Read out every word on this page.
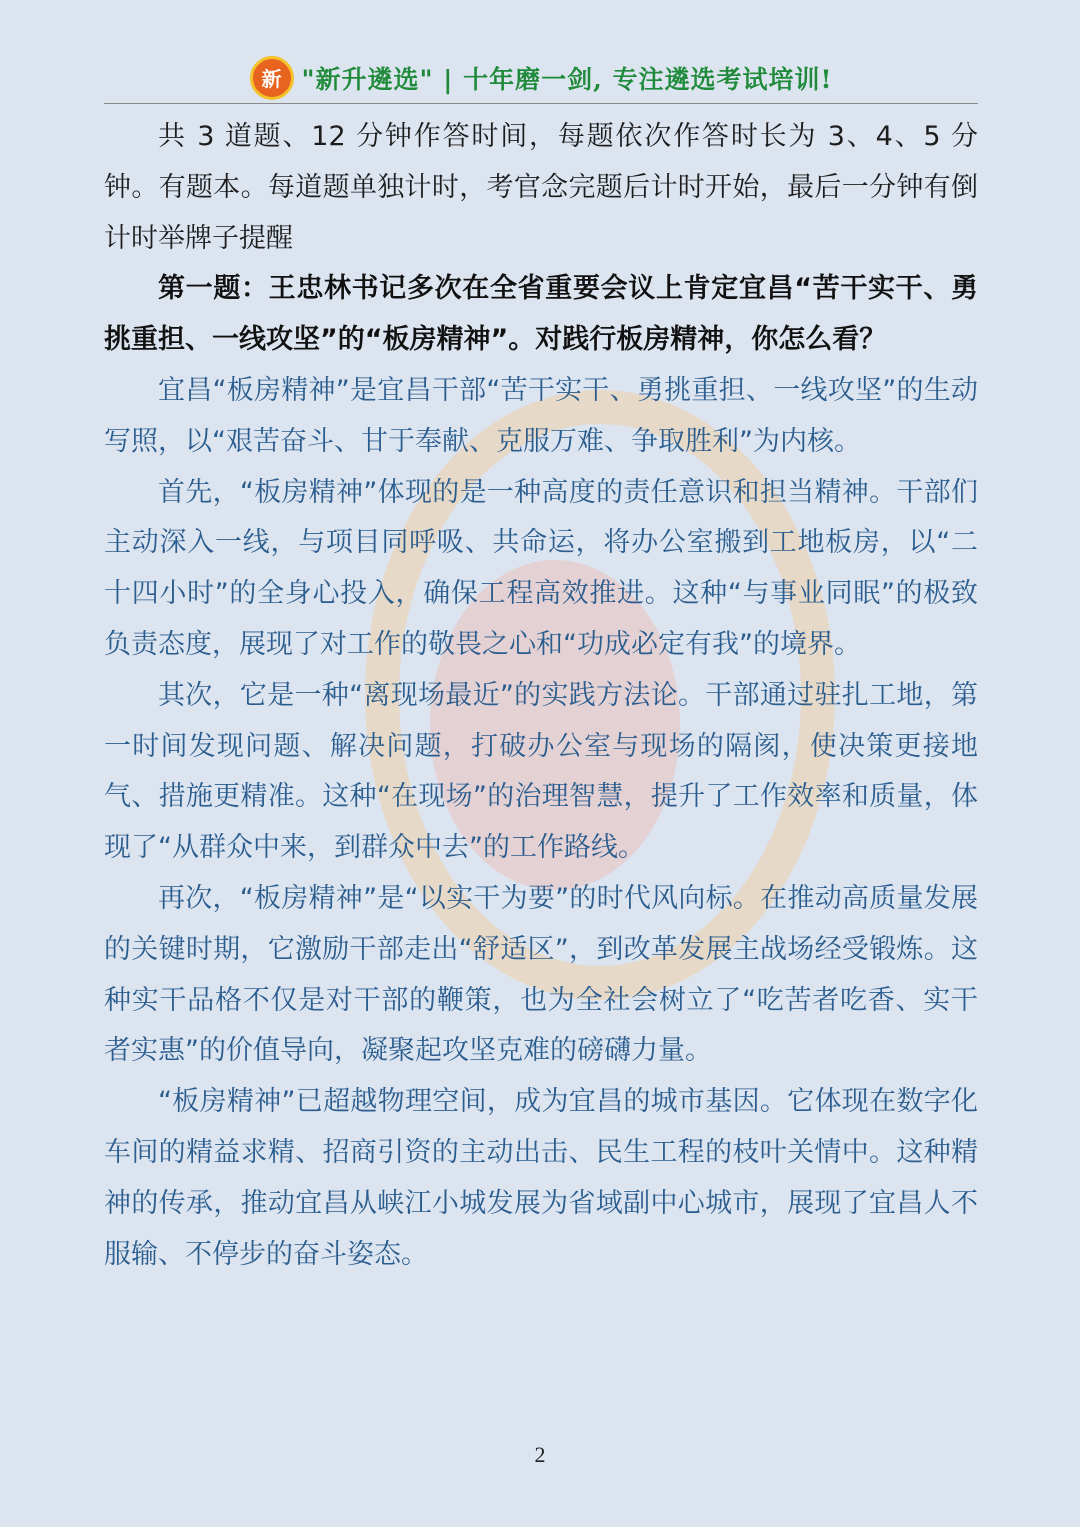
新 "新升遴选" | 十年磨一剑, 专注遴选考试培训!

共 3 道题、12 分钟作答时间，每题依次作答时长为 3、4、5 分钟。有题本。每道题单独计时，考官念完题后计时开始，最后一分钟有倒计时举牌子提醒

第一题：王忠林书记多次在全省重要会议上肯定宜昌“苦干实干、勇挑重担、一线攻坚”的“板房精神”。对践行板房精神，你怎么看？

宜昌“板房精神”是宜昌干部“苦干实干、勇挑重担、一线攻坚”的生动写照，以“艰苦奋斗、甘于奉献、克服万难、争取胜利”为内核。

首先，“板房精神”体现的是一种高度的责任意识和担当精神。干部们主动深入一线，与项目同呼吸、共命运，将办公室搬到工地板房，以“二十四小时”的全身心投入，确保工程高效推进。这种“与事业同眠”的极致负责态度，展现了对工作的敬畏之心和“功成必定有我”的境界。

其次，它是一种“离现场最近”的实践方法论。干部通过驻扎工地，第一时间发现问题、解决问题，打破办公室与现场的隔阂，使决策更接地气、措施更精准。这种“在现场”的治理智慧，提升了工作效率和质量，体现了“从群众中来，到群众中去”的工作路线。

再次，“板房精神”是“以实干为要”的时代风向标。在推动高质量发展的关键时期，它激励干部走出“舒适区”，到改革发展主战场经受锻炼。这种实干品格不仅是对干部的鞭策，也为全社会树立了“吃苦者吃香、实干者实惠”的价值导向，凝聚起攻坚克难的磅礴力量。

“板房精神”已超越物理空间，成为宜昌的城市基因。它体现在数字化车间的精益求精、招商引资的主动出击、民生工程的枝叶关情中。这种精神的传承，推动宜昌从峡江小城发展为省域副中心城市，展现了宜昌人不服输、不停步的奋斗姿态。

2
